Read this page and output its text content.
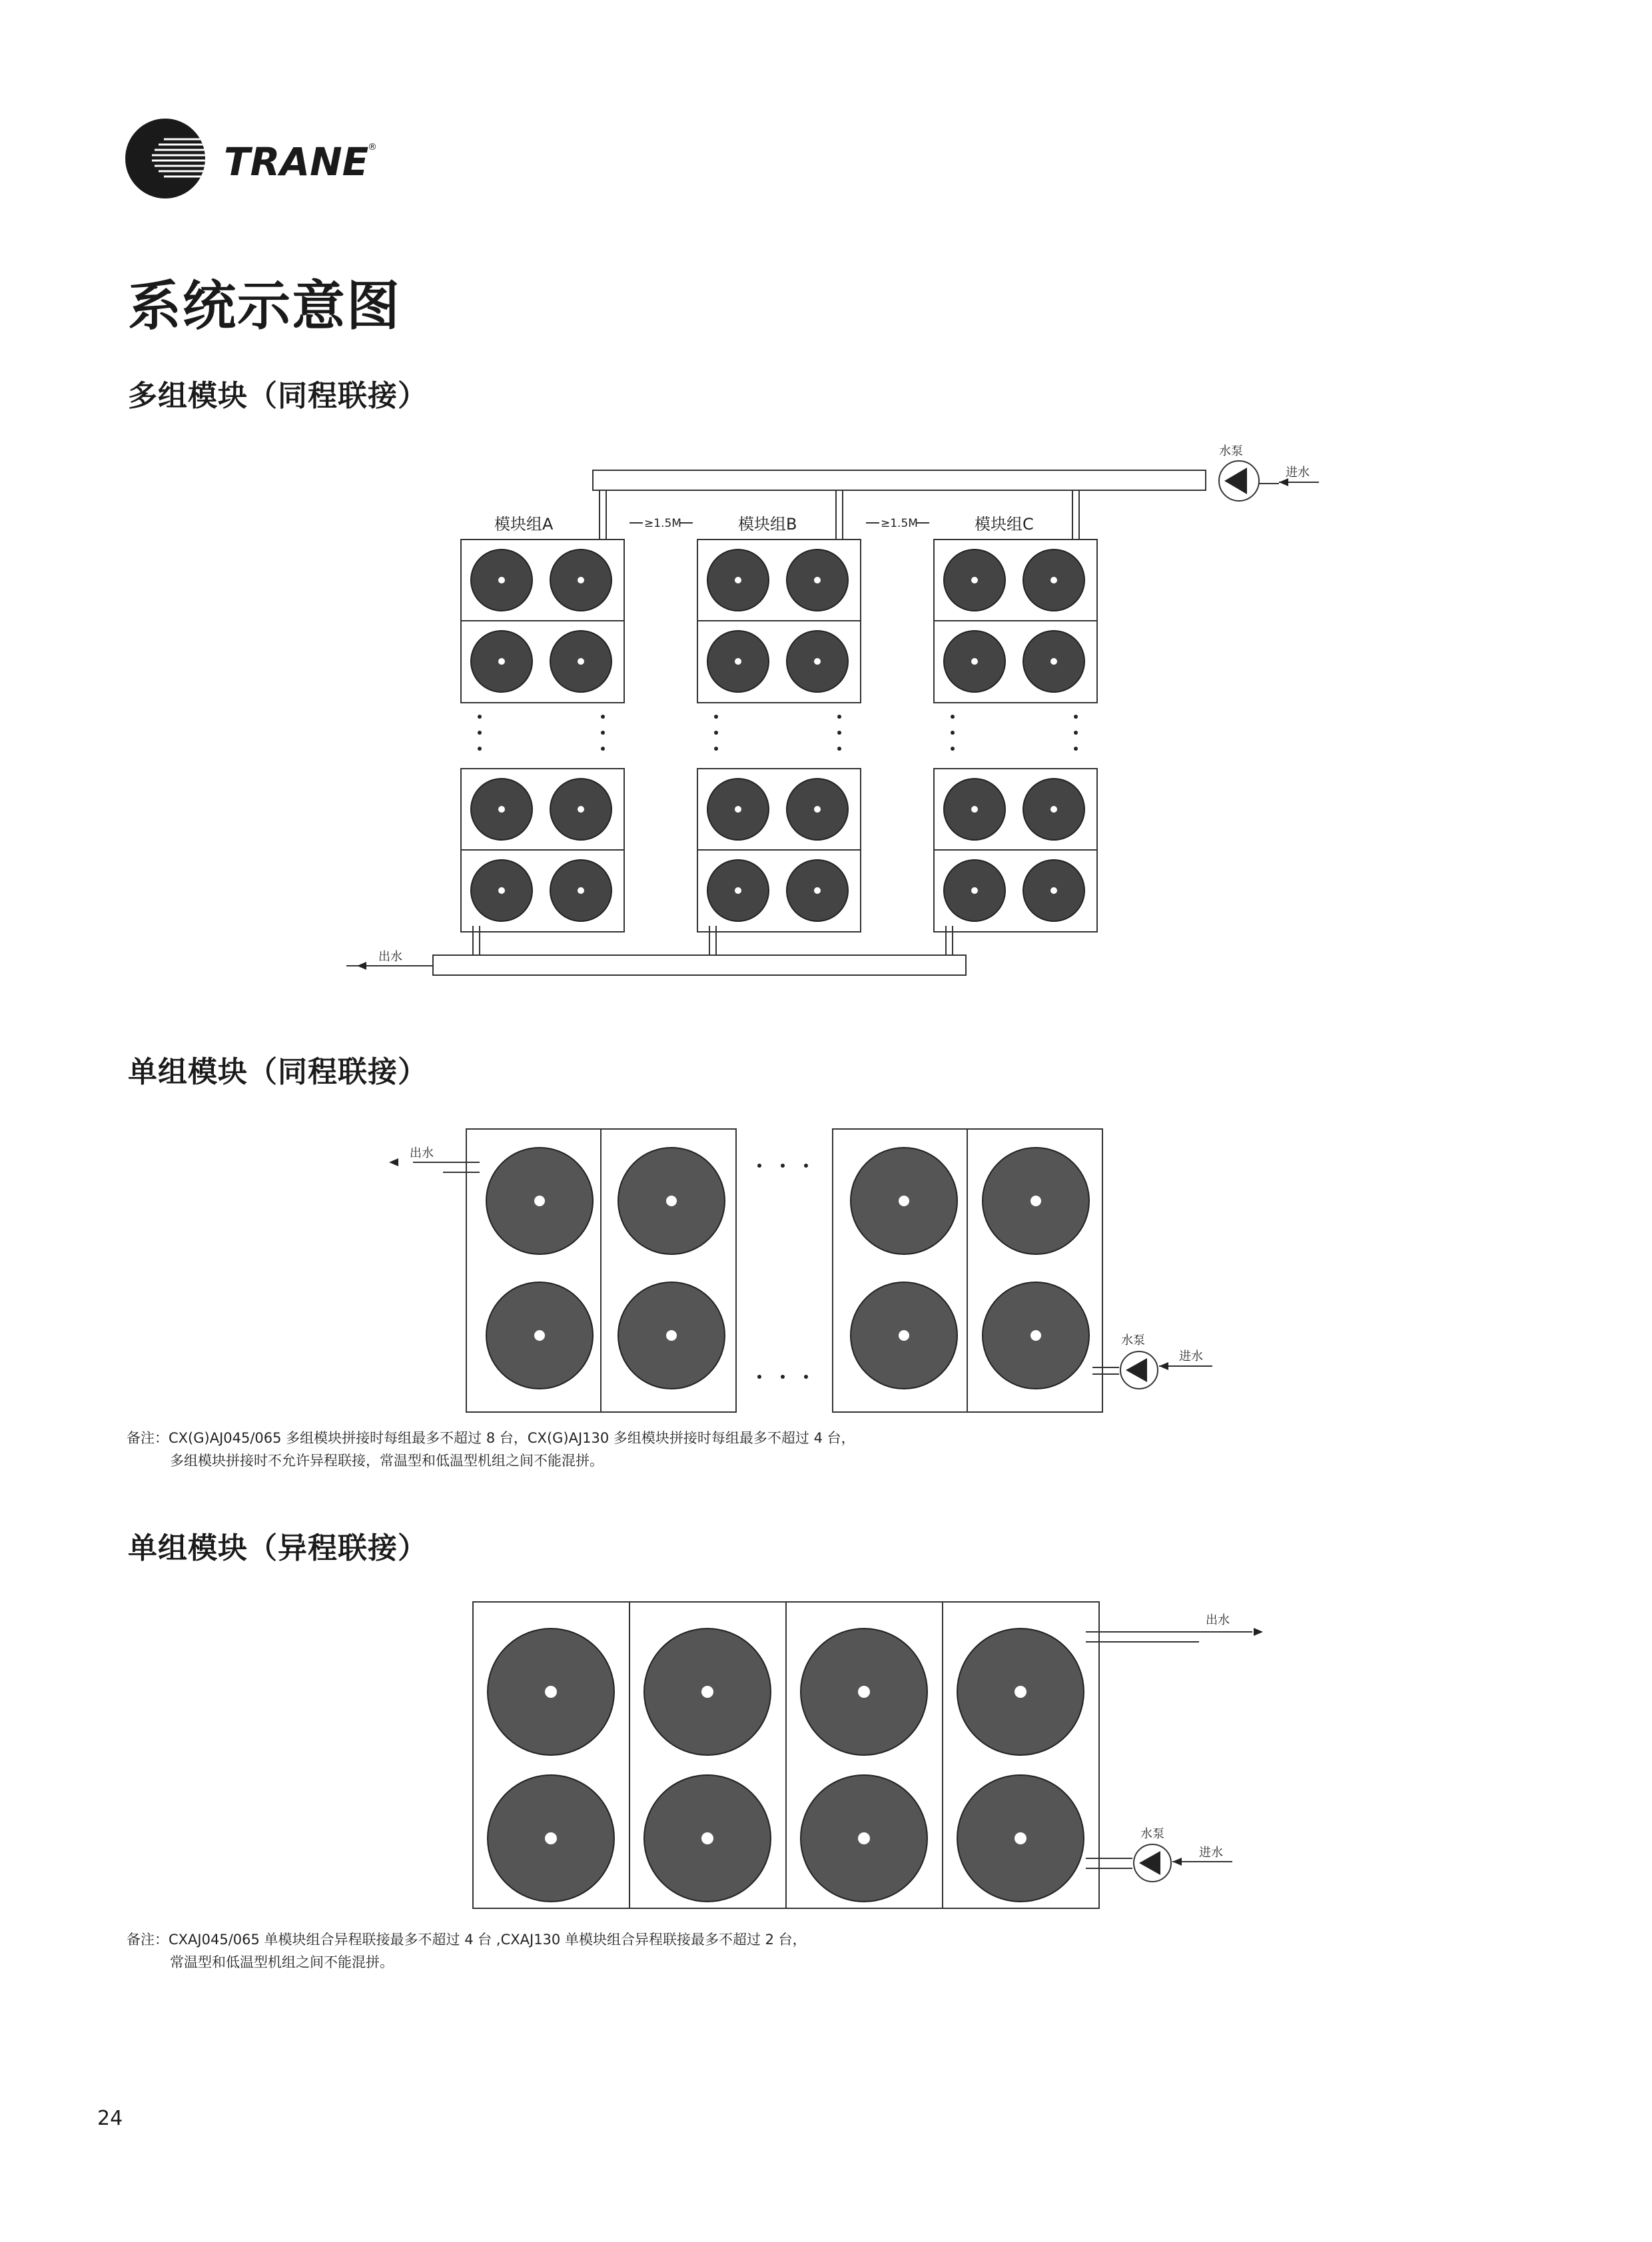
TRANE
®
系统示意图
多组模块（同程联接）
模块组A	模块组B	模块组C
≥1.5M	≥1.5M
水泵
进水
出水
单组模块（同程联接）
出水
水泵
进水
备注：CX(G)AJ045/065 多组模块拼接时每组最多不超过 8 台，CX(G)AJ130 多组模块拼接时每组最多不超过 4 台，
多组模块拼接时不允许异程联接，常温型和低温型机组之间不能混拼。
单组模块（异程联接）
出水
水泵
进水
备注：CXAJ045/065 单模块组合异程联接最多不超过 4 台 ,CXAJ130 单模块组合异程联接最多不超过 2 台，
常温型和低温型机组之间不能混拼。
24
